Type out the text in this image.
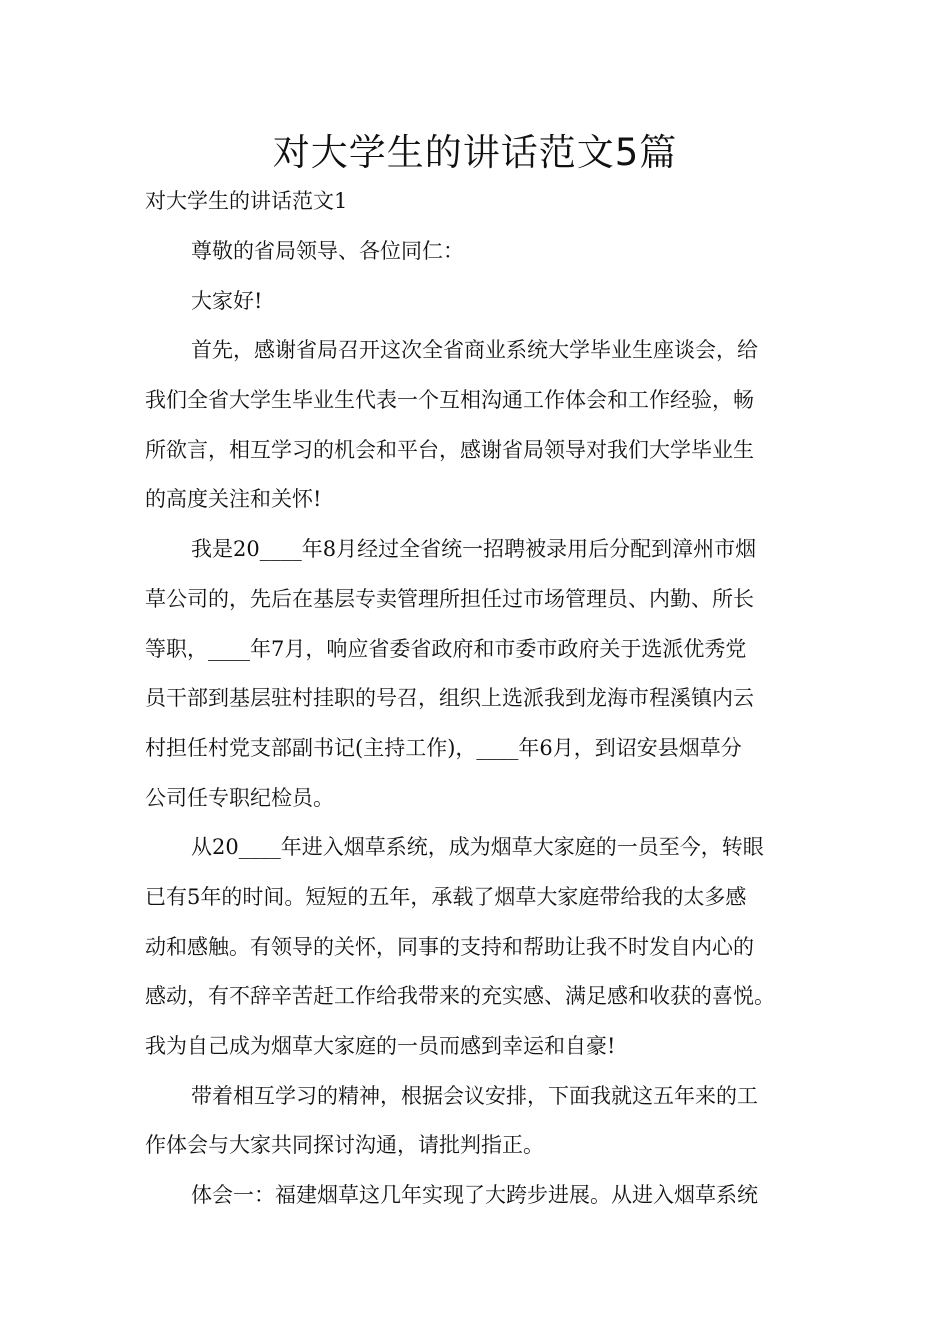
对大学生的讲话范文5篇
对大学生的讲话范文1
尊敬的省局领导、各位同仁：
大家好!
首先，感谢省局召开这次全省商业系统大学毕业生座谈会，给
我们全省大学生毕业生代表一个互相沟通工作体会和工作经验，畅
所欲言，相互学习的机会和平台，感谢省局领导对我们大学毕业生
的高度关注和关怀!
我是20____年8月经过全省统一招聘被录用后分配到漳州市烟
草公司的，先后在基层专卖管理所担任过市场管理员、内勤、所长
等职，____年7月，响应省委省政府和市委市政府关于选派优秀党
员干部到基层驻村挂职的号召，组织上选派我到龙海市程溪镇内云
村担任村党支部副书记(主持工作)，____年6月，到诏安县烟草分
公司任专职纪检员。
从20____年进入烟草系统，成为烟草大家庭的一员至今，转眼
已有5年的时间。短短的五年，承载了烟草大家庭带给我的太多感
动和感触。有领导的关怀，同事的支持和帮助让我不时发自内心的
感动，有不辞辛苦赶工作给我带来的充实感、满足感和收获的喜悦。
我为自己成为烟草大家庭的一员而感到幸运和自豪!
带着相互学习的精神，根据会议安排，下面我就这五年来的工
作体会与大家共同探讨沟通，请批判指正。
体会一：福建烟草这几年实现了大跨步进展。从进入烟草系统
